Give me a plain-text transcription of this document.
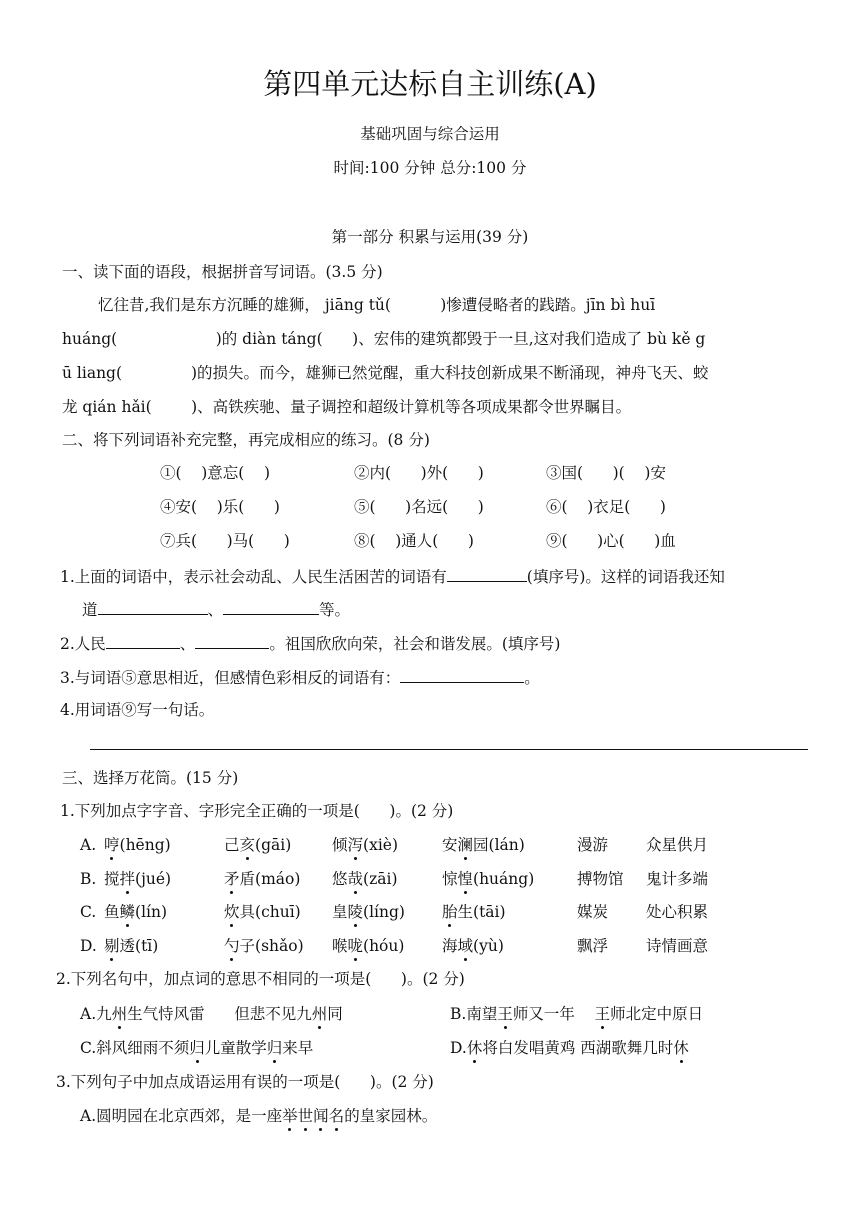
第四单元达标自主训练(A)
基础巩固与综合运用
时间:100 分钟 总分:100 分
第一部分 积累与运用(39 分)
一、读下面的语段，根据拼音写词语。(3.5 分)
忆往昔,我们是东方沉睡的雄狮， jiāng tǔ(          )惨遭侵略者的践踏。jīn bì huī
huáng(                    )的 diàn táng(      )、宏伟的建筑都毁于一旦,这对我们造成了 bù kě g
ū liang(              )的损失。而今，雄狮已然觉醒，重大科技创新成果不断涌现，神舟飞天、蛟
龙 qián hǎi(        )、高铁疾驰、量子调控和超级计算机等各项成果都令世界瞩目。
二、将下列词语补充完整，再完成相应的练习。(8 分)
①(    )意忘(    )	②内(      )外(      )	③国(      )(    )安
④安(    )乐(      )	⑤(      )名远(      )	⑥(    )衣足(      )
⑦兵(      )马(      )	⑧(    )通人(      )	⑨(      )心(      )血
1.上面的词语中，表示社会动乱、人民生活困苦的词语有	(填序号)。这样的词语我还知
道	、	等。
2.人民	、	。祖国欣欣向荣，社会和谐发展。(填序号)
3.与词语⑤意思相近，但感情色彩相反的词语有：	。
4.用词语⑨写一句话。
三、选择万花筒。(15 分)
1.下列加点字字音、字形完全正确的一项是(      )。(2 分)
A. 哼(hēng)	己亥(gāi)	倾泻(xiè)	安澜园(lán)	漫游 众星供月
B. 搅拌(jué)	矛盾(máo) 悠哉(zāi)	惊惶(huáng)	搏物馆 鬼计多端
C. 鱼鳞(lín)	炊具(chuī) 皇陵(líng) 胎生(tāi)	媒炭 处心积累
D. 剔透(tī)	勺子(shǎo) 喉咙(hóu) 海域(yù)	飘浮 诗情画意
2.下列名句中，加点词的意思不相同的一项是(      )。(2 分)
A.九州生气恃风雷      但悲不见九州同	B.南望王师又一年    王师北定中原日
C.斜风细雨不须归儿童散学归来早	D.休将白发唱黄鸡 西湖歌舞几时休
3.下列句子中加点成语运用有误的一项是(      )。(2 分)
A.圆明园在北京西郊，是一座举世闻名的皇家园林。
